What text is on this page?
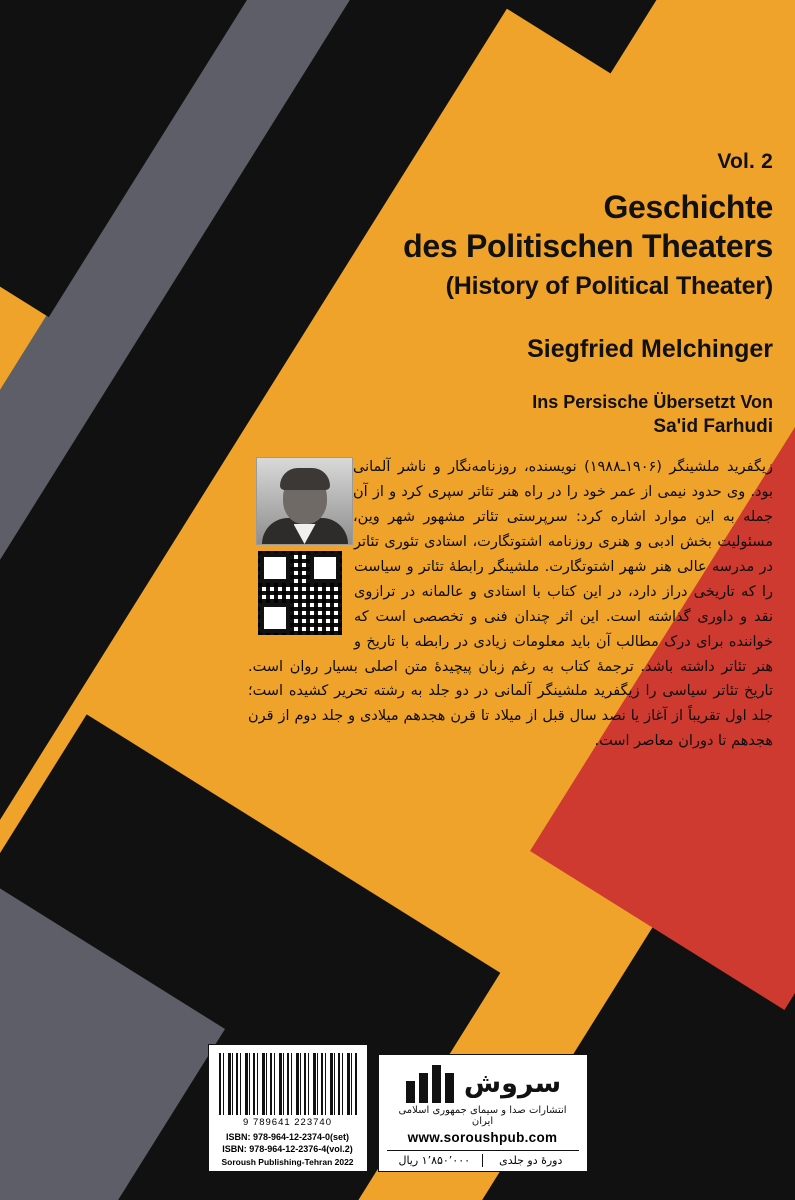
Vol. 2
Geschichte
des Politischen Theaters
(History of Political Theater)
Siegfried Melchinger
Ins Persische Übersetzt Von
Sa'id Farhudi

زیگفرید ملشینگر (۱۹۰۶ـ۱۹۸۸) نویسنده، روزنامه‌نگار و ناشر آلمانی بود. وی حدود نیمی از عمر خود را در راه هنر تئاتر سپری کرد و از آن جمله به این موارد اشاره کرد: سرپرستی تئاتر مشهور شهر وین، مسئولیت بخش ادبی و هنری روزنامه اشتوتگارت، استادی تئوری تئاتر در مدرسه عالی هنر شهر اشتوتگارت. ملشینگر رابطهٔ تئاتر و سیاست را که تاریخی دراز دارد، در این کتاب با استادی و عالمانه در ترازوی نقد و داوری گذاشته است. این اثر چندان فنی و تخصصی است که خواننده برای درک مطالب آن باید معلومات زیادی در رابطه با تاریخ و هنر تئاتر داشته باشد. ترجمهٔ کتاب به رغم زبان پیچیدهٔ متن اصلی بسیار روان است. تاریخ تئاتر سیاسی را زیگفرید ملشینگر آلمانی در دو جلد به رشته تحریر کشیده است؛ جلد اول تقریباً از آغاز یا نصد سال قبل از میلاد تا قرن هجدهم میلادی و جلد دوم از قرن هجدهم تا دوران معاصر است.

9 789641 223740
ISBN: 978-964-12-2374-0(set)
ISBN: 978-964-12-2376-4(vol.2)
Soroush Publishing-Tehran 2022
سروش
انتشارات صدا و سیمای جمهوری اسلامی ایران
www.soroushpub.com
دورهٔ دو جلدی
۱٬۸۵۰٬۰۰۰ ریال
